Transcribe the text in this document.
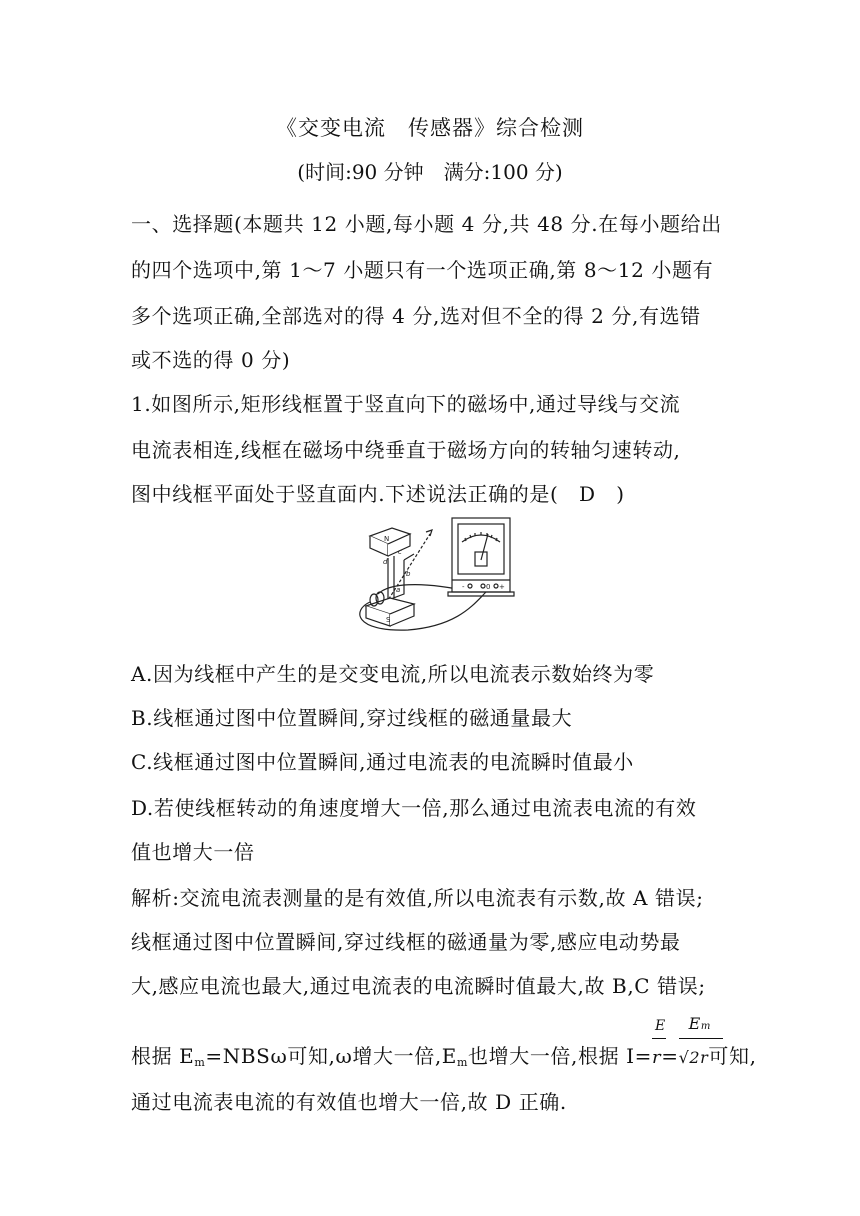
《交变电流　传感器》综合检测
(时间:90 分钟　满分:100 分)
一、选择题(本题共 12 小题,每小题 4 分,共 48 分.在每小题给出
的四个选项中,第 1～7 小题只有一个选项正确,第 8～12 小题有
多个选项正确,全部选对的得 4 分,选对但不全的得 2 分,有选错
或不选的得 0 分)
1.如图所示,矩形线框置于竖直向下的磁场中,通过导线与交流
电流表相连,线框在磁场中绕垂直于磁场方向的转轴匀速转动,
图中线框平面处于竖直面内.下述说法正确的是(　D　)
N
S
d
b
c
a	-	0 +
A.因为线框中产生的是交变电流,所以电流表示数始终为零
B.线框通过图中位置瞬间,穿过线框的磁通量最大
C.线框通过图中位置瞬间,通过电流表的电流瞬时值最小
D.若使线框转动的角速度增大一倍,那么通过电流表电流的有效
值也增大一倍
解析:交流电流表测量的是有效值,所以电流表有示数,故 A 错误;
线框通过图中位置瞬间,穿过线框的磁通量为零,感应电动势最
大,感应电流也最大,通过电流表的电流瞬时值最大,故 B,C 错误;
根据 $E_m=NBS\omega$可知,ω增大一倍$,E_m$也增大一倍,根据 $I= \frac{E}{r}= \frac{Em}{√2r}$可知,
通过电流表电流的有效值也增大一倍,故 D 正确.
